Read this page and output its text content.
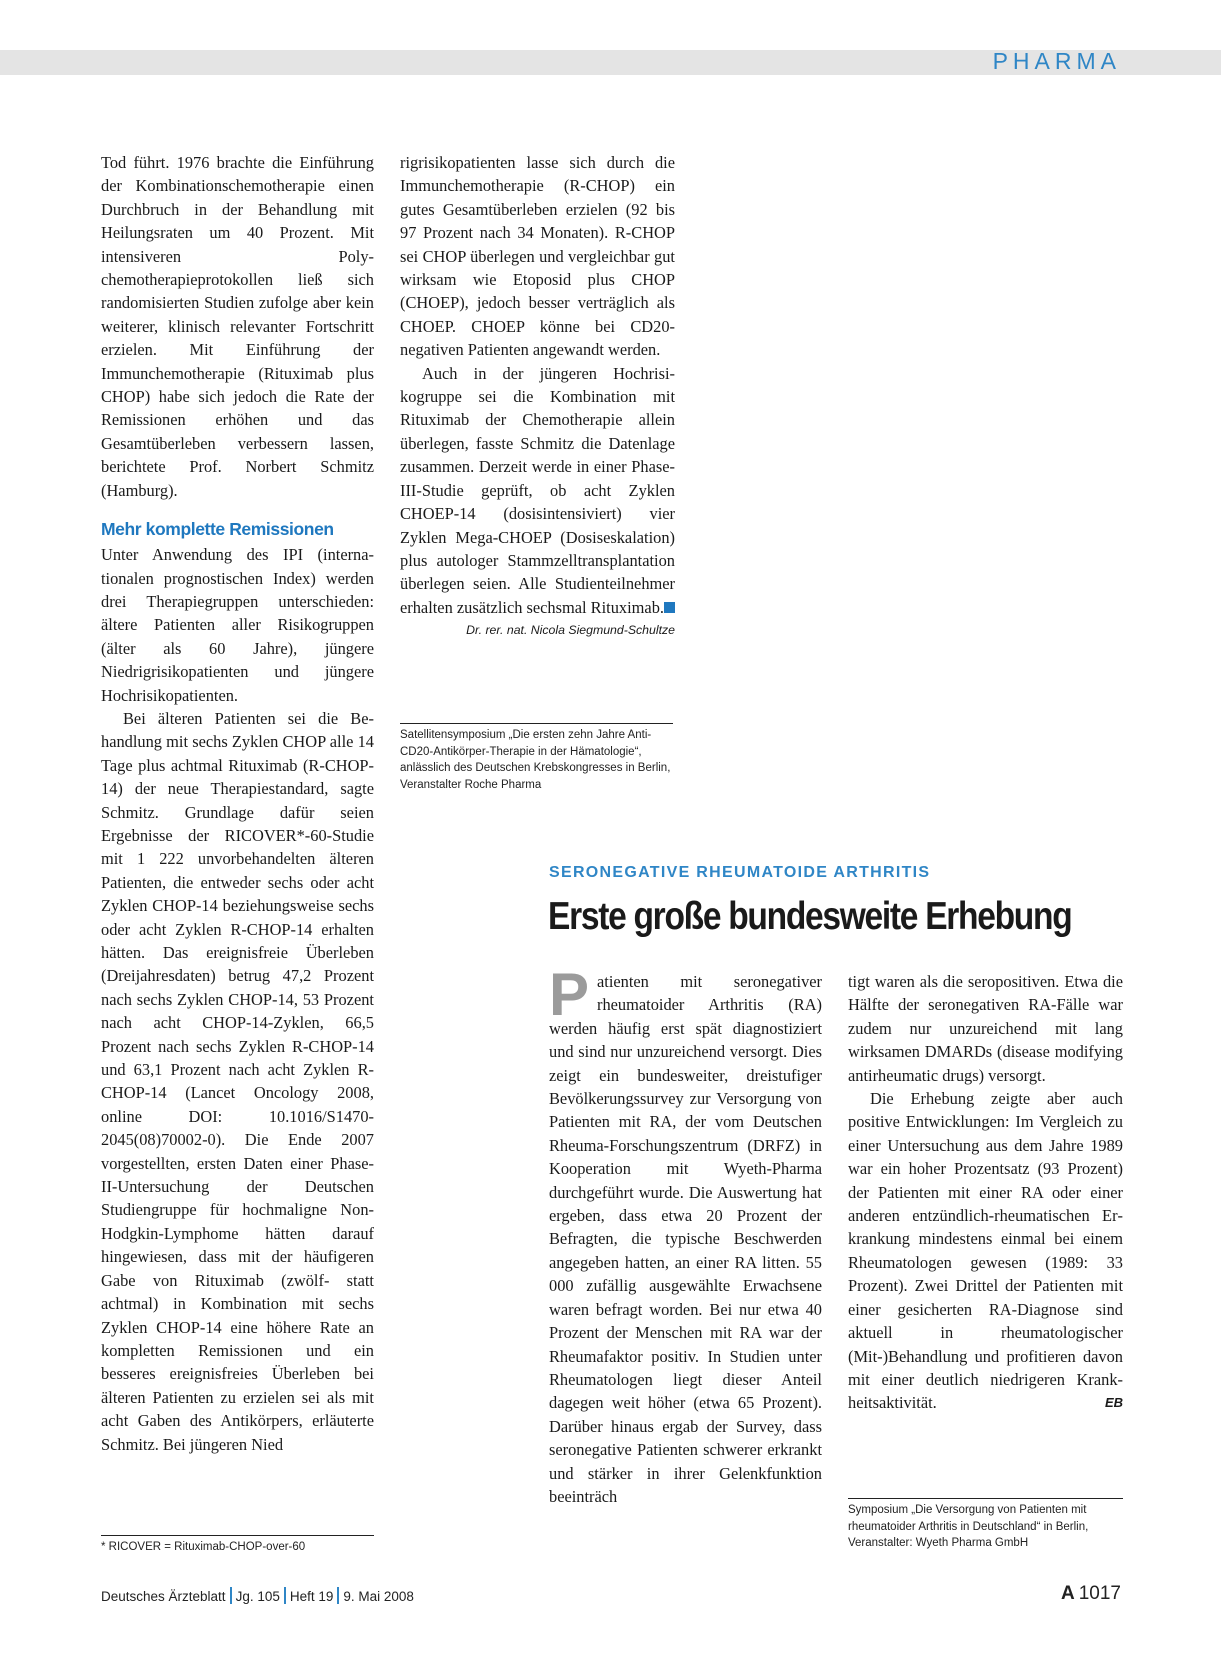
PHARMA

Tod führt. 1976 brachte die Einführung der Kombinationschemotherapie einen Durchbruch in der Behandlung mit Heilungsraten um 40 Prozent. Mit intensiveren Polychemotherapieprotokollen ließ sich randomisierten Studien zufolge aber kein weiterer, klinisch relevanter Fortschritt erzielen. Mit Einführung der Immunchemotherapie (Rituximab plus CHOP) habe sich jedoch die Rate der Remissionen erhöhen und das Gesamtüberleben verbessern lassen, berichtete Prof. Norbert Schmitz (Hamburg).

Mehr komplette Remissionen

Unter Anwendung des IPI (internationalen prognostischen Index) werden drei Therapiegruppen unterschieden: ältere Patienten aller Risikogruppen (älter als 60 Jahre), jüngere Niedrigrisikopatienten und jüngere Hochrisikopatienten.

Bei älteren Patienten sei die Behandlung mit sechs Zyklen CHOP alle 14 Tage plus achtmal Rituximab (R-CHOP-14) der neue Therapiestandard, sagte Schmitz. Grundlage dafür seien Ergebnisse der RICOVER*-60-Studie mit 1 222 unvorbehandelten älteren Patienten, die entweder sechs oder acht Zyklen CHOP-14 beziehungsweise sechs oder acht Zyklen R-CHOP-14 erhalten hätten. Das ereignisfreie Überleben (Dreijahresdaten) betrug 47,2 Prozent nach sechs Zyklen CHOP-14, 53 Prozent nach acht CHOP-14-Zyklen, 66,5 Prozent nach sechs Zyklen R-CHOP-14 und 63,1 Prozent nach acht Zyklen R-CHOP-14 (Lancet Oncology 2008, online DOI: 10.1016/S1470-2045(08)70002-0). Die Ende 2007 vorgestellten, ersten Daten einer Phase-II-Untersuchung der Deutschen Studiengruppe für hochmaligne Non-Hodgkin-Lymphome hätten darauf hingewiesen, dass mit der häufigeren Gabe von Rituximab (zwölf- statt achtmal) in Kombination mit sechs Zyklen CHOP-14 eine höhere Rate an kompletten Remissionen und ein besseres ereignisfreies Überleben bei älteren Patienten zu erzielen sei als mit acht Gaben des Antikörpers, erläuterte Schmitz. Bei jüngeren Nied

* RICOVER = Rituximab-CHOP-over-60

rigrisikopatienten lasse sich durch die Immunchemotherapie (R-CHOP) ein gutes Gesamtüberleben erzielen (92 bis 97 Prozent nach 34 Monaten). R-CHOP sei CHOP überlegen und vergleichbar gut wirksam wie Etoposid plus CHOP (CHOEP), jedoch besser verträglich als CHOEP. CHOEP könne bei CD20-negativen Patienten angewandt werden.

Auch in der jüngeren Hochrisikogruppe sei die Kombination mit Rituximab der Chemotherapie allein überlegen, fasste Schmitz die Datenlage zusammen. Derzeit werde in einer Phase-III-Studie geprüft, ob acht Zyklen CHOEP-14 (dosisintensiviert) vier Zyklen Mega-CHOEP (Dosiseskalation) plus autologer Stammzelltransplantation überlegen seien. Alle Studienteilnehmer erhalten zusätzlich sechsmal Rituximab.

Dr. rer. nat. Nicola Siegmund-Schultze
Satellitensymposium „Die ersten zehn Jahre Anti-CD20-Antikörper-Therapie in der Hämatologie“, anlässlich des Deutschen Krebskongresses in Berlin, Veranstalter Roche Pharma
SERONEGATIVE RHEUMATOIDE ARTHRITIS
Erste große bundesweite Erhebung

Patienten mit seronegativer rheumatoider Arthritis (RA) werden häufig erst spät diagnostiziert und sind nur unzureichend versorgt. Dies zeigt ein bundesweiter, dreistufiger Bevölkerungssurvey zur Versorgung von Patienten mit RA, der vom Deutschen Rheuma-Forschungszentrum (DRFZ) in Kooperation mit Wyeth-Pharma durchgeführt wurde. Die Auswertung hat ergeben, dass etwa 20 Prozent der Befragten, die typische Beschwerden angegeben hatten, an einer RA litten. 55 000 zufällig ausgewählte Erwachsene waren befragt worden. Bei nur etwa 40 Prozent der Menschen mit RA war der Rheumafaktor positiv. In Studien unter Rheumatologen liegt dieser Anteil dagegen weit höher (etwa 65 Prozent). Darüber hinaus ergab der Survey, dass seronegative Patienten schwerer erkrankt und stärker in ihrer Gelenkfunktion beeinträch

tigt waren als die seropositiven. Etwa die Hälfte der seronegativen RA-Fälle war zudem nur unzureichend mit lang wirksamen DMARDs (disease modifying antirheumatic drugs) versorgt.

Die Erhebung zeigte aber auch positive Entwicklungen: Im Vergleich zu einer Untersuchung aus dem Jahre 1989 war ein hoher Prozentsatz (93 Prozent) der Patienten mit einer RA oder einer anderen entzündlich-rheumatischen Erkrankung mindestens einmal bei einem Rheumatologen gewesen (1989: 33 Prozent). Zwei Drittel der Patienten mit einer gesicherten RA-Diagnose sind aktuell in rheumatologischer (Mit-)Behandlung und profitieren davon mit einer deutlich niedrigeren Krankheitsaktivität.	EB

Symposium „Die Versorgung von Patienten mit rheumatoider Arthritis in Deutschland“ in Berlin, Veranstalter: Wyeth Pharma GmbH
Deutsches Ärzteblatt Jg. 105 Heft 19 9. Mai 2008	A 1017
